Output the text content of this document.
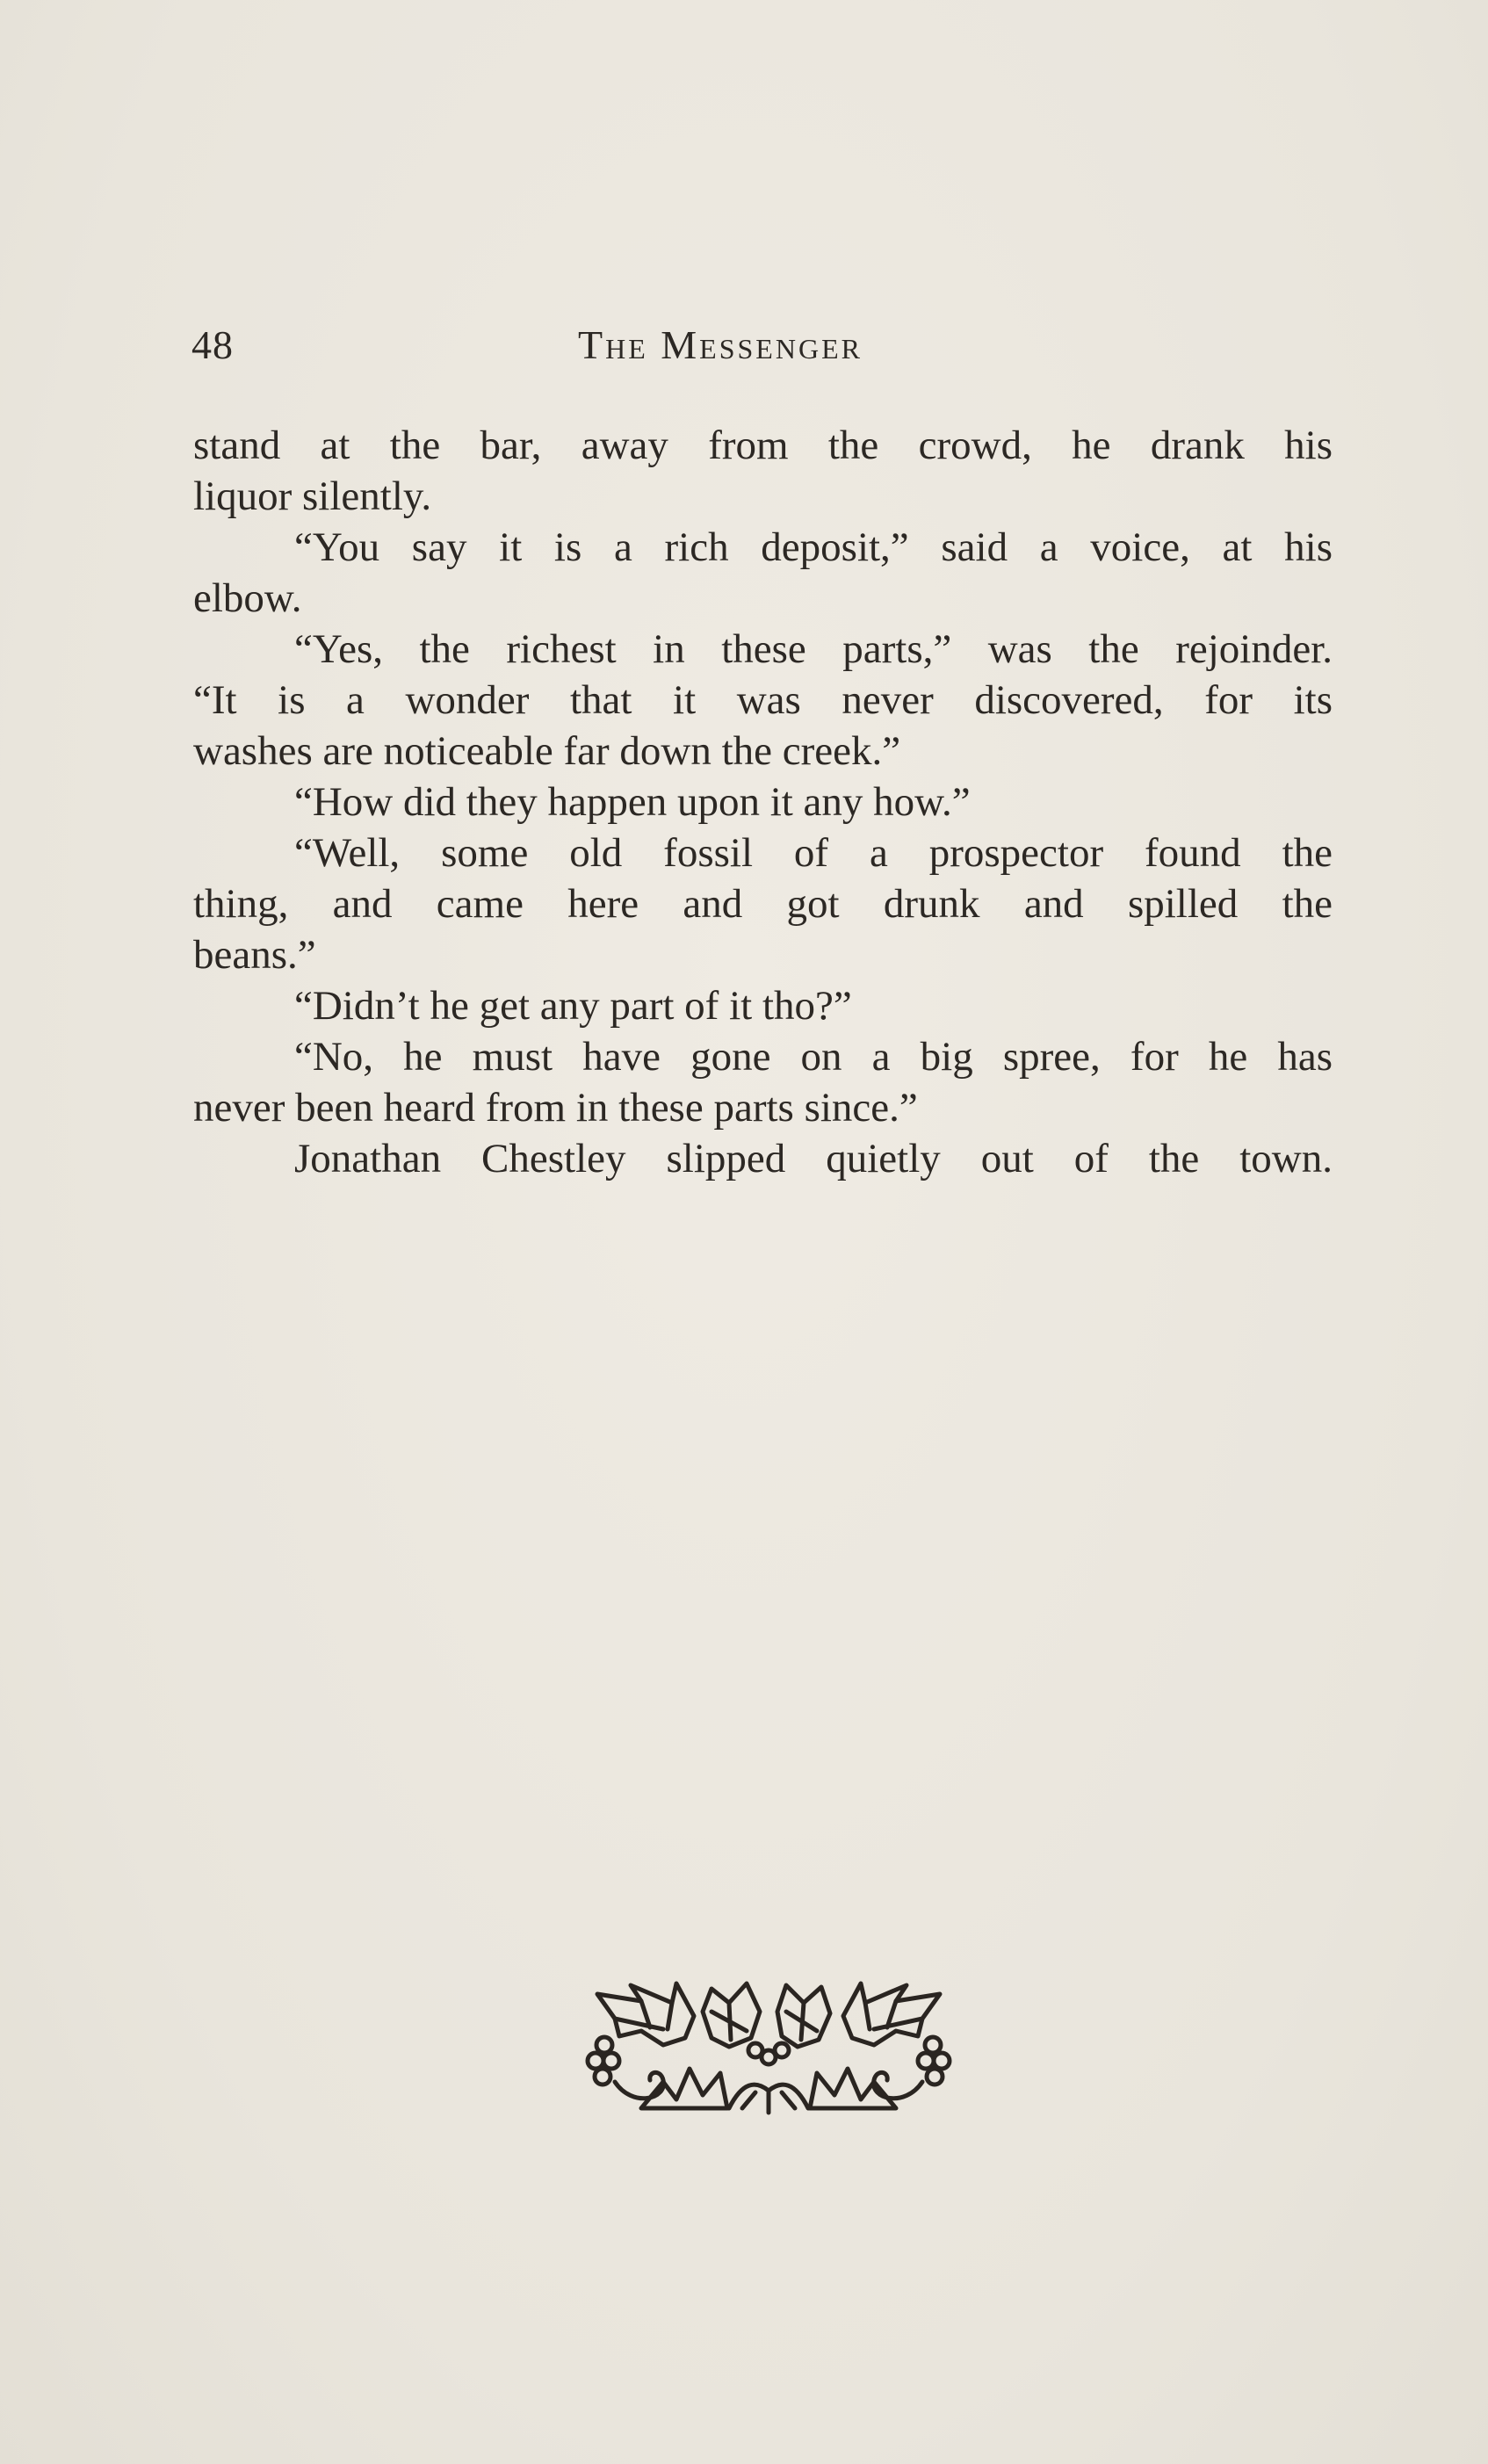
48	The Messenger
stand at the bar, away from the crowd, he drank his
liquor silently.
“You say it is a rich deposit,” said a voice, at his
elbow.
“Yes, the richest in these parts,” was the rejoinder.
“It is a wonder that it was never discovered, for its
washes are noticeable far down the creek.”
“How did they happen upon it any how.”
“Well, some old fossil of a prospector found the
thing, and came here and got drunk and spilled the
beans.”
“Didn’t he get any part of it tho?”
“No, he must have gone on a big spree, for he has
never been heard from in these parts since.”
Jonathan Chestley slipped quietly out of the town.
